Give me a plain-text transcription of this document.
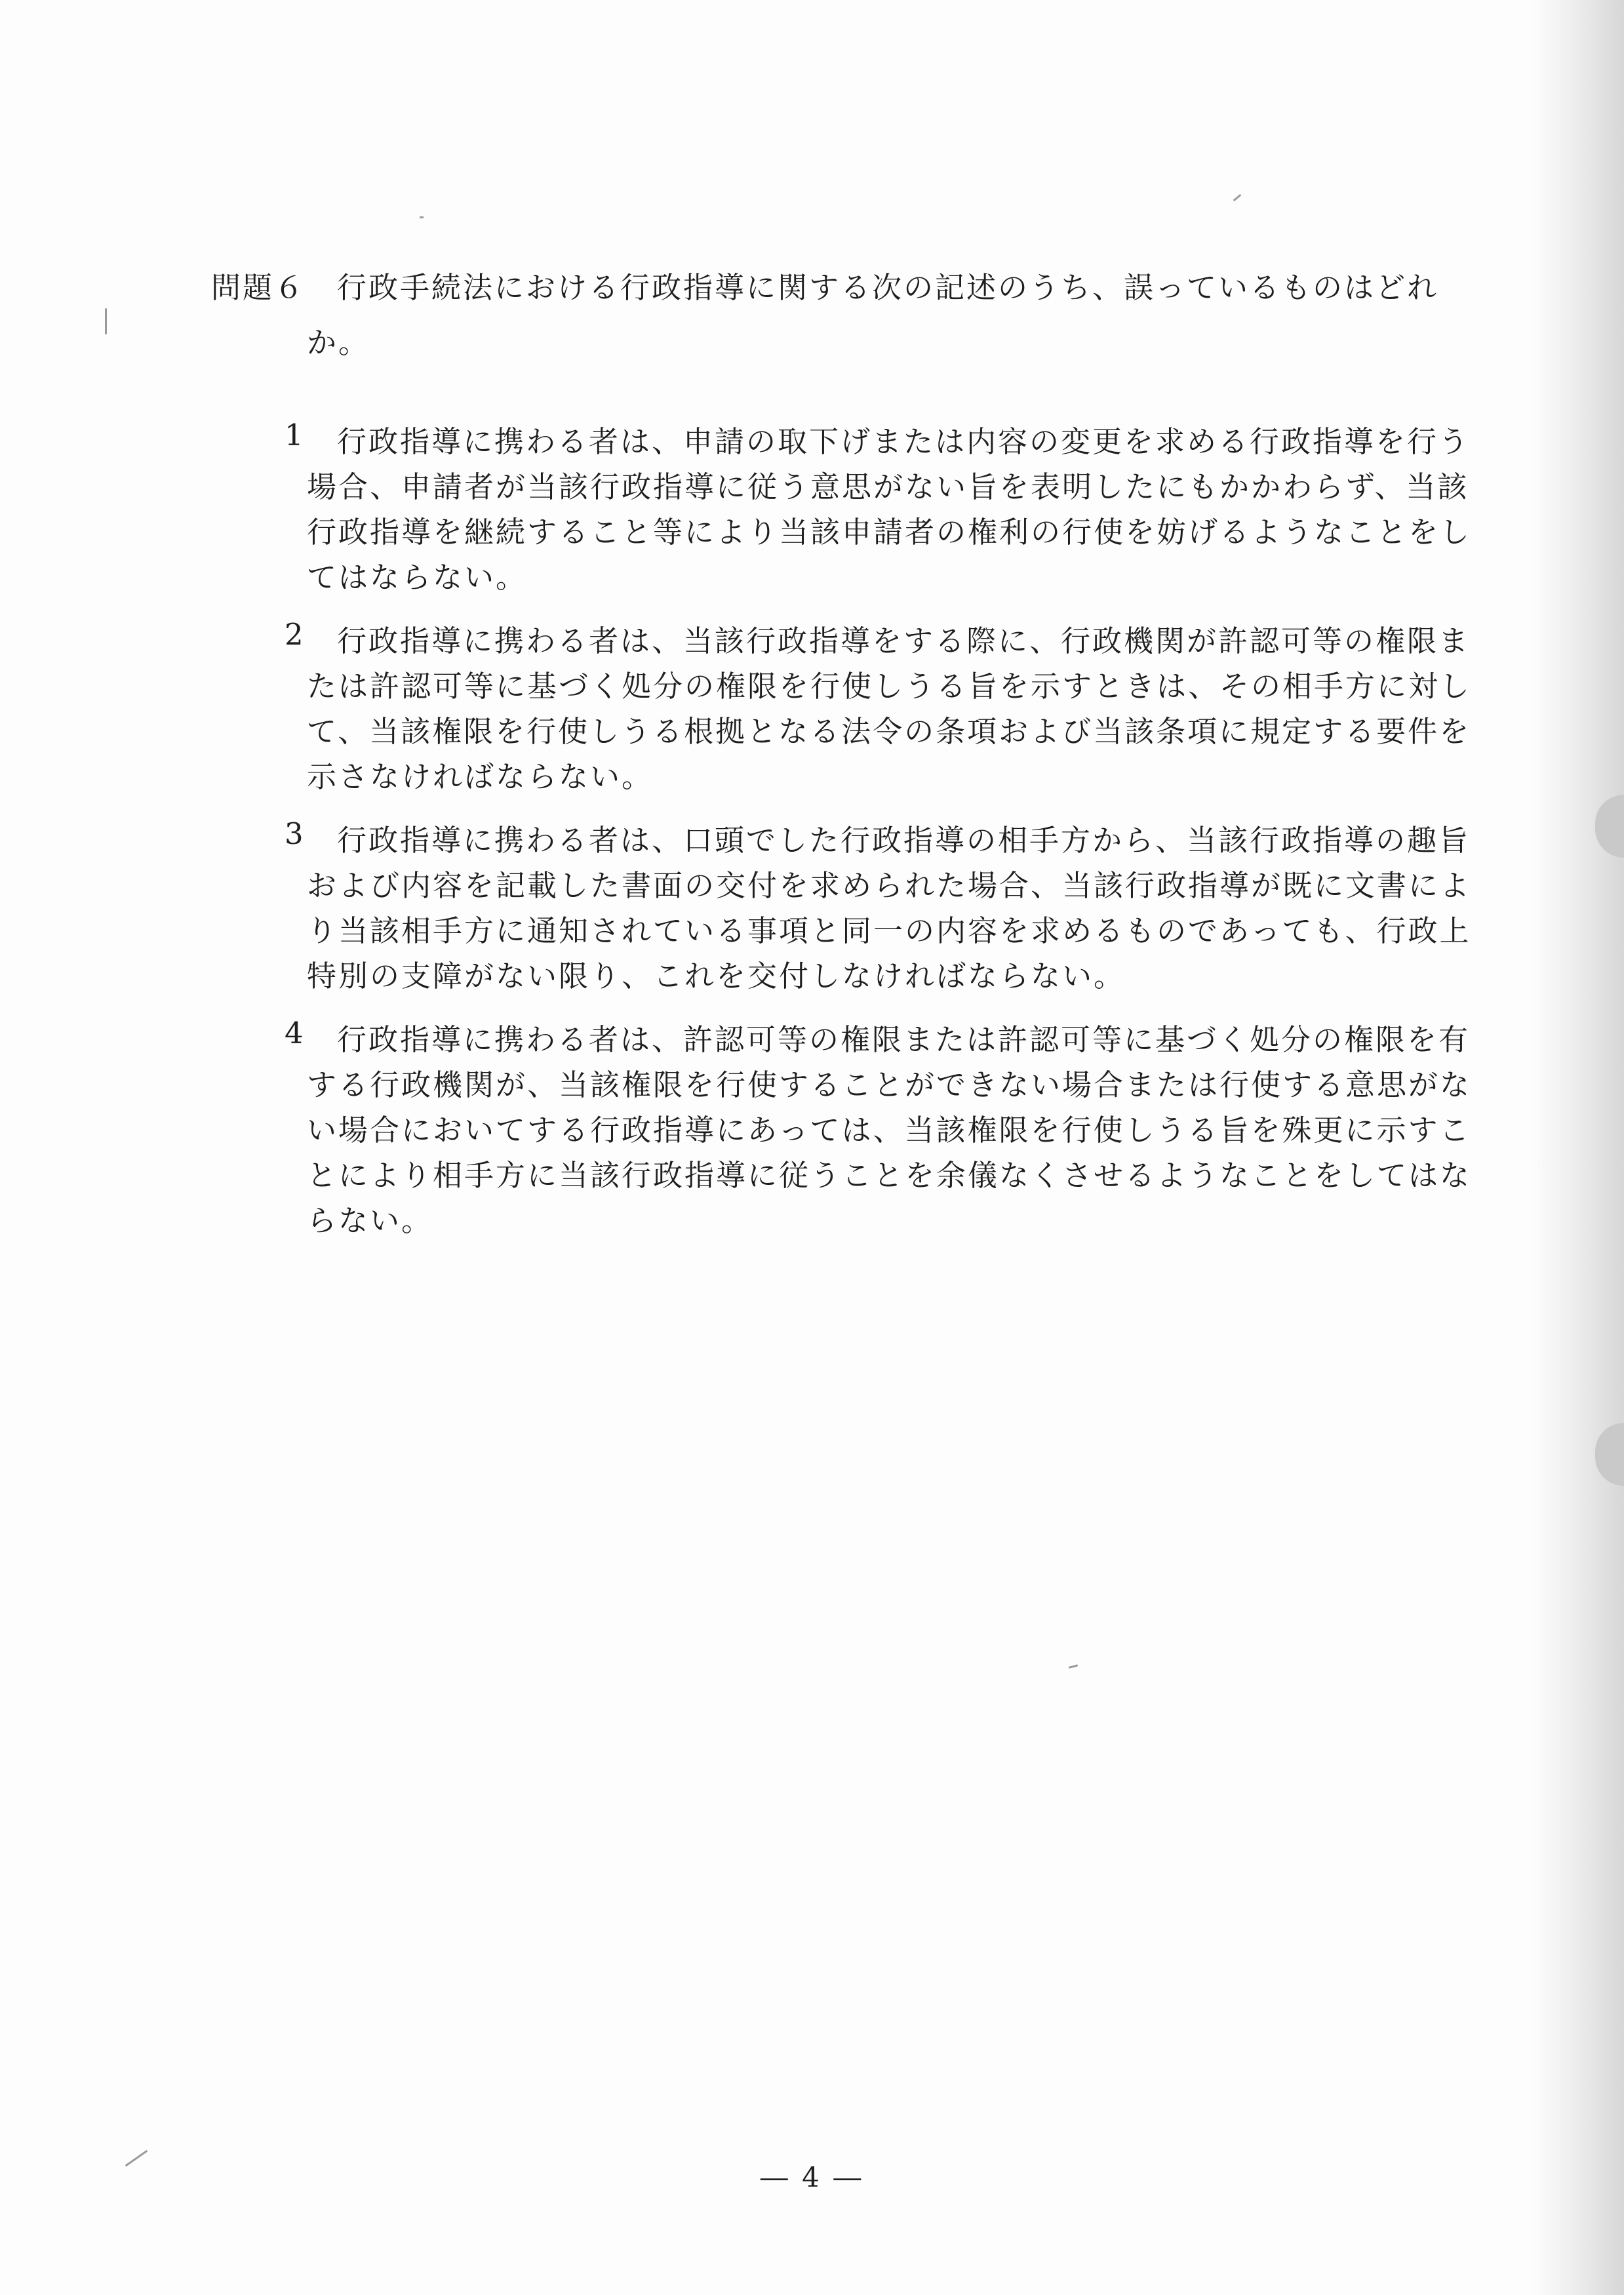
問題６ 行政手続法における行政指導に関する次の記述のうち、誤っているものはどれ
か。
1 行政指導に携わる者は、申請の取下げまたは内容の変更を求める行政指導を行う
場合、申請者が当該行政指導に従う意思がない旨を表明したにもかかわらず、当該
行政指導を継続すること等により当該申請者の権利の行使を妨げるようなことをし
てはならない。
2 行政指導に携わる者は、当該行政指導をする際に、行政機関が許認可等の権限ま
たは許認可等に基づく処分の権限を行使しうる旨を示すときは、その相手方に対し
て、当該権限を行使しうる根拠となる法令の条項および当該条項に規定する要件を
示さなければならない。
3 行政指導に携わる者は、口頭でした行政指導の相手方から、当該行政指導の趣旨
および内容を記載した書面の交付を求められた場合、当該行政指導が既に文書によ
り当該相手方に通知されている事項と同一の内容を求めるものであっても、行政上
特別の支障がない限り、これを交付しなければならない。
4 行政指導に携わる者は、許認可等の権限または許認可等に基づく処分の権限を有
する行政機関が、当該権限を行使することができない場合または行使する意思がな
い場合においてする行政指導にあっては、当該権限を行使しうる旨を殊更に示すこ
とにより相手方に当該行政指導に従うことを余儀なくさせるようなことをしてはな
らない。
― 4 ―
